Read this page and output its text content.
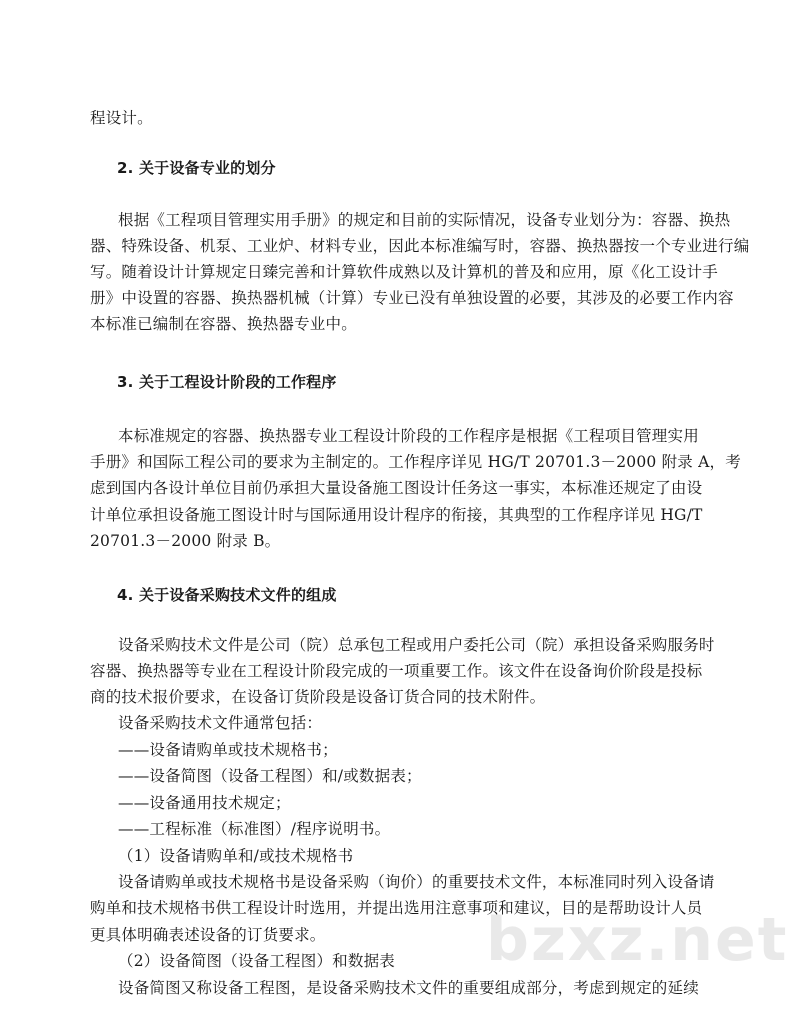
bzxz.net
程设计。
2. 关于设备专业的划分
根据《工程项目管理实用手册》的规定和目前的实际情况，设备专业划分为：容器、换热
器、特殊设备、机泵、工业炉、材料专业，因此本标准编写时，容器、换热器按一个专业进行编
写。随着设计计算规定日臻完善和计算软件成熟以及计算机的普及和应用，原《化工设计手
册》中设置的容器、换热器机械（计算）专业已没有单独设置的必要，其涉及的必要工作内容
本标准已编制在容器、换热器专业中。
3. 关于工程设计阶段的工作程序
本标准规定的容器、换热器专业工程设计阶段的工作程序是根据《工程项目管理实用
手册》和国际工程公司的要求为主制定的。工作程序详见 HG/T 20701.3－2000 附录 A，考
虑到国内各设计单位目前仍承担大量设备施工图设计任务这一事实，本标准还规定了由设
计单位承担设备施工图设计时与国际通用设计程序的衔接，其典型的工作程序详见 HG/T
20701.3－2000 附录 B。
4. 关于设备采购技术文件的组成
设备采购技术文件是公司（院）总承包工程或用户委托公司（院）承担设备采购服务时
容器、换热器等专业在工程设计阶段完成的一项重要工作。该文件在设备询价阶段是投标
商的技术报价要求，在设备订货阶段是设备订货合同的技术附件。
设备采购技术文件通常包括：
——设备请购单或技术规格书；
——设备简图（设备工程图）和/或数据表；
——设备通用技术规定；
——工程标准（标准图）/程序说明书。
（1）设备请购单和/或技术规格书
设备请购单或技术规格书是设备采购（询价）的重要技术文件，本标准同时列入设备请
购单和技术规格书供工程设计时选用，并提出选用注意事项和建议，目的是帮助设计人员
更具体明确表述设备的订货要求。
（2）设备简图（设备工程图）和数据表
设备简图又称设备工程图，是设备采购技术文件的重要组成部分，考虑到规定的延续
